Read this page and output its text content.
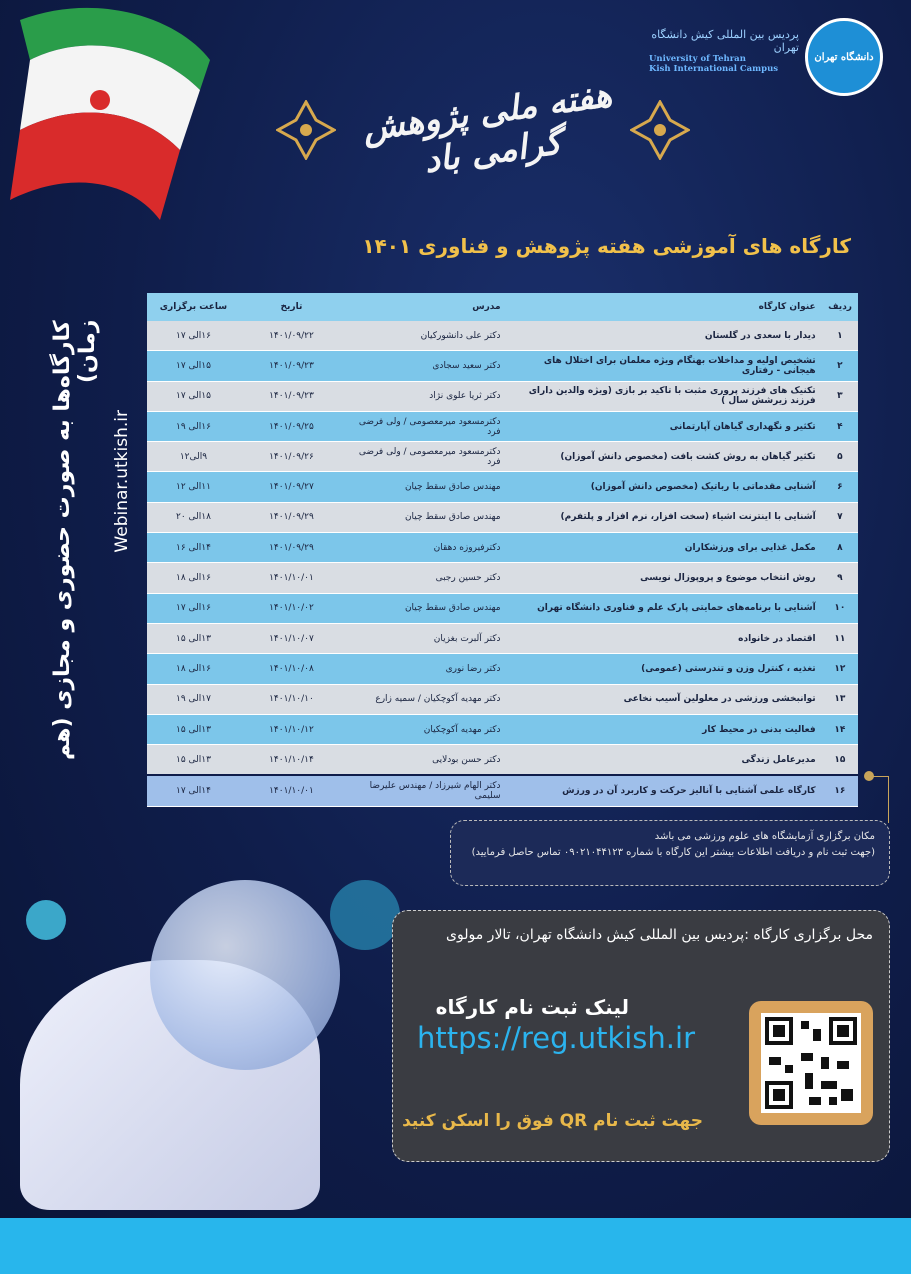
دانشگاه تهران
پردیس بین المللی کیش دانشگاه تهران
University of Tehran
Kish International Campus
هفته ملی پژوهش گرامی باد
کارگاه های آموزشی هفته پژوهش و فناوری ۱۴۰۱
کارگاه‌ها به صورت حضوری و مجازی (هم زمان)
Webinar.utkish.ir
ردیف	عنوان کارگاه	مدرس	تاریخ	ساعت برگزاری
۱	دیدار با سعدی در گلستان	دکتر علی دانشورکیان	۱۴۰۱/۰۹/۲۲	۱۶الی ۱۷
۲	تشخیص اولیه و مداخلات بهنگام ویژه معلمان برای اختلال های هیجانی - رفتاری	دکتر سعید سجادی	۱۴۰۱/۰۹/۲۳	۱۵الی ۱۷
۳	تکنیک های فرزند پروری مثبت با تاکید بر بازی (ویژه والدین دارای فرزند زیرشش سال )	دکتر ثریا علوی نژاد	۱۴۰۱/۰۹/۲۳	۱۵الی ۱۷
۴	تکثیر و نگهداری گیاهان آپارتمانی	دکترمسعود میرمعصومی / ولی فرضی فرد	۱۴۰۱/۰۹/۲۵	۱۶الی ۱۹
۵	تکثیر گیاهان به روش کشت بافت (مخصوص دانش آموزان)	دکترمسعود میرمعصومی / ولی فرضی فرد	۱۴۰۱/۰۹/۲۶	۹الی۱۲
۶	آشنایی مقدماتی با رباتیک (مخصوص دانش آموزان)	مهندس صادق سقط چیان	۱۴۰۱/۰۹/۲۷	۱۱الی ۱۲
۷	آشنایی با اینترنت اشیاء (سخت افزار، نرم افزار و پلتفرم)	مهندس صادق سقط چیان	۱۴۰۱/۰۹/۲۹	۱۸الی ۲۰
۸	مکمل غذایی برای ورزشکاران	دکترفیروزه دهقان	۱۴۰۱/۰۹/۲۹	۱۴الی ۱۶
۹	روش انتخاب موضوع و پروپوزال نویسی	دکتر حسین رجبی	۱۴۰۱/۱۰/۰۱	۱۶الی ۱۸
۱۰	آشنایی با برنامه‌های حمایتی پارک علم و فناوری دانشگاه تهران	مهندس صادق سقط چیان	۱۴۰۱/۱۰/۰۲	۱۶الی ۱۷
۱۱	اقتصاد در خانواده	دکتر آلبرت بغزیان	۱۴۰۱/۱۰/۰۷	۱۳الی ۱۵
۱۲	تغذیه ، کنترل وزن و تندرستی (عمومی)	دکتر رضا نوری	۱۴۰۱/۱۰/۰۸	۱۶الی ۱۸
۱۳	توانبخشی ورزشی در معلولین آسیب نخاعی	دکتر مهدیه آکوچکیان / سمیه زارع	۱۴۰۱/۱۰/۱۰	۱۷الی ۱۹
۱۴	فعالیت بدنی در محیط کار	دکتر مهدیه آکوچکیان	۱۴۰۱/۱۰/۱۲	۱۳الی ۱۵
۱۵	مدیرعامل زندگی	دکتر حسن بودلایی	۱۴۰۱/۱۰/۱۴	۱۳الی ۱۵
۱۶	کارگاه علمی آشنایی با آنالیز حرکت و کاربرد آن در ورزش	دکتر الهام شیرزاد / مهندس علیرضا سلیمی	۱۴۰۱/۱۰/۰۱	۱۴الی ۱۷
مکان برگزاری آزمایشگاه های علوم ورزشی می باشد
(جهت ثبت نام و دریافت اطلاعات بیشتر این کارگاه با شماره ۰۹۰۲۱۰۴۴۱۲۳ تماس حاصل فرمایید)
محل برگزاری کارگاه :پردیس بین المللی کیش دانشگاه تهران، تالار مولوی
لینک ثبت نام کارگاه
https://reg.utkish.ir
جهت ثبت نام QR فوق را اسکن کنید
